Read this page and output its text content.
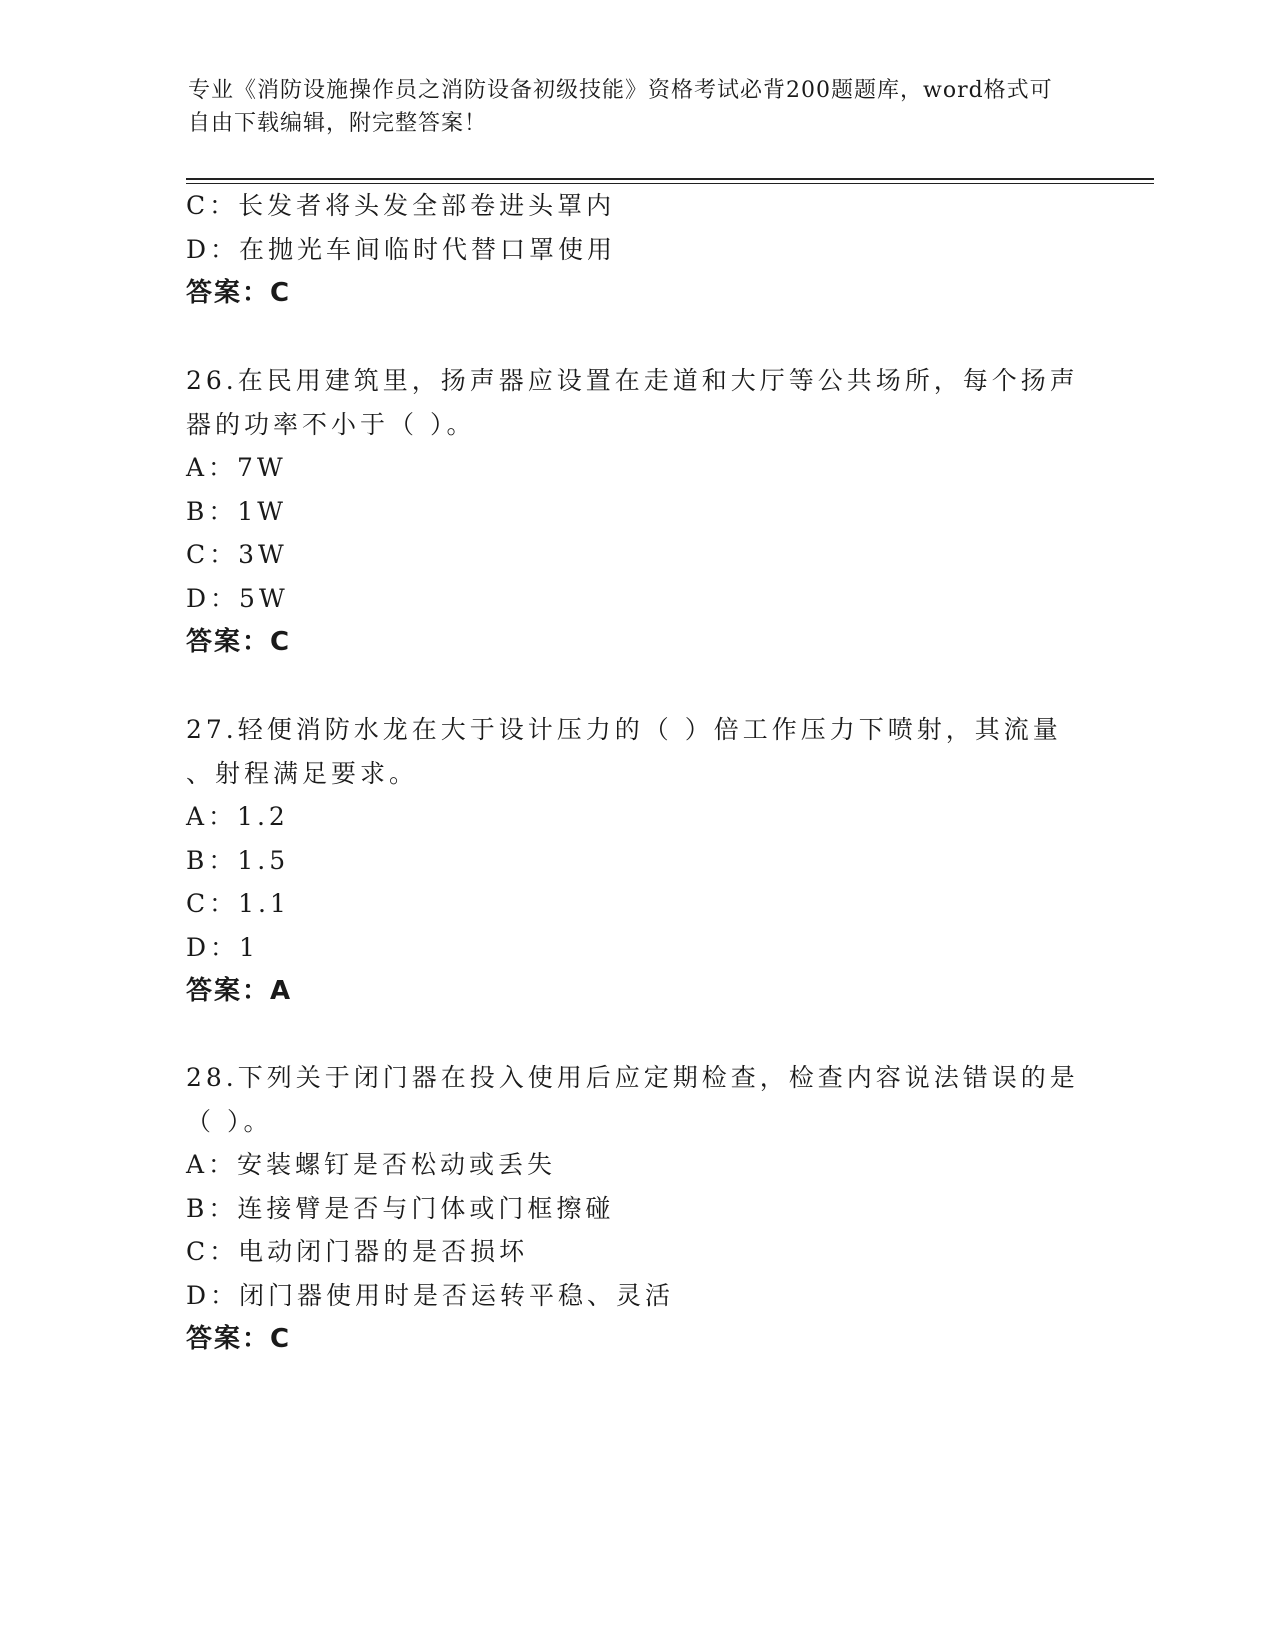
专业《消防设施操作员之消防设备初级技能》资格考试必背200题题库，word格式可自由下载编辑，附完整答案！
C：长发者将头发全部卷进头罩内
D：在抛光车间临时代替口罩使用
答案：C
26.在民用建筑里，扬声器应设置在走道和大厅等公共场所，每个扬声
器的功率不小于（ ）。
A：7W
B：1W
C：3W
D：5W
答案：C
27.轻便消防水龙在大于设计压力的（ ）倍工作压力下喷射，其流量
、射程满足要求。
A：1.2
B：1.5
C：1.1
D：1
答案：A
28.下列关于闭门器在投入使用后应定期检查，检查内容说法错误的是
（ ）。
A：安装螺钉是否松动或丢失
B：连接臂是否与门体或门框擦碰
C：电动闭门器的是否损坏
D：闭门器使用时是否运转平稳、灵活
答案：C
